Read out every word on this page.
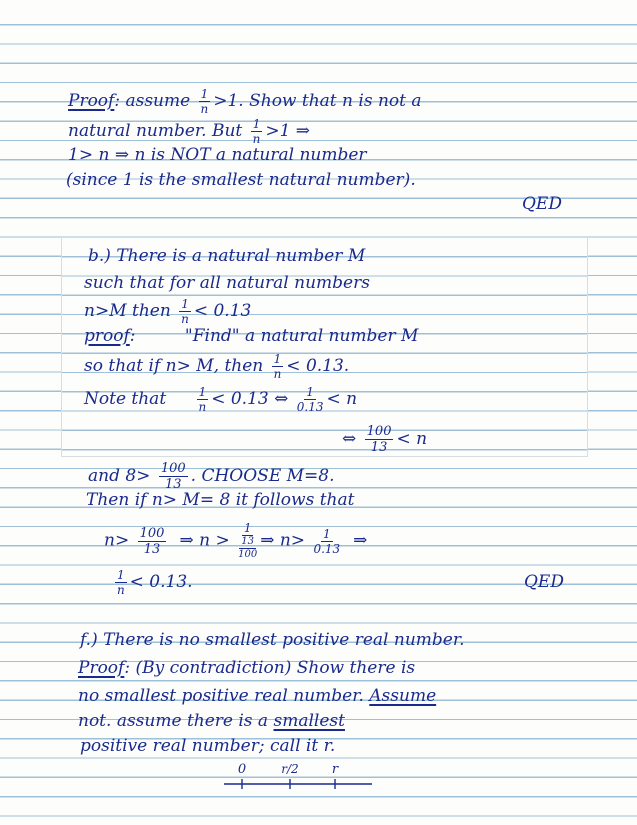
Proof: assume $\frac{1}{n} >1$. Show that n is not a
natural number. But $\frac{1}{n} >1$ ⇒
1> n ⇒ n is NOT a natural number
(since 1 is the smallest natural number).
QED
b.) There is a natural number M
such that for all natural numbers
n>M then $\frac{1}{n} < 0.13$
proof:	"Find" a natural number M
so that if n> M, then $\frac{1}{n} < 0.13$.
Note that	$\frac{1}{n} < 0.13$ ⇔ $\frac{1}{0.13} < n$
⇔ $\frac{100}{13} < n$
and $8> \frac{100}{13}$ . CHOOSE M=8.
Then if n> M= 8 it follows that
$n> \frac{100}{13}$ ⇒ $n > \frac{1}{\frac{13}{100}}$ ⇒ $n> \frac{1}{0.13}$ ⇒
$\frac{1}{n} < 0.13$.	QED
f.) There is no smallest positive real number.
Proof: (By contradiction) Show there is
no smallest positive real number. Assume
not. assume there is a smallest
positive real number; call it r.
0	r/2	r
